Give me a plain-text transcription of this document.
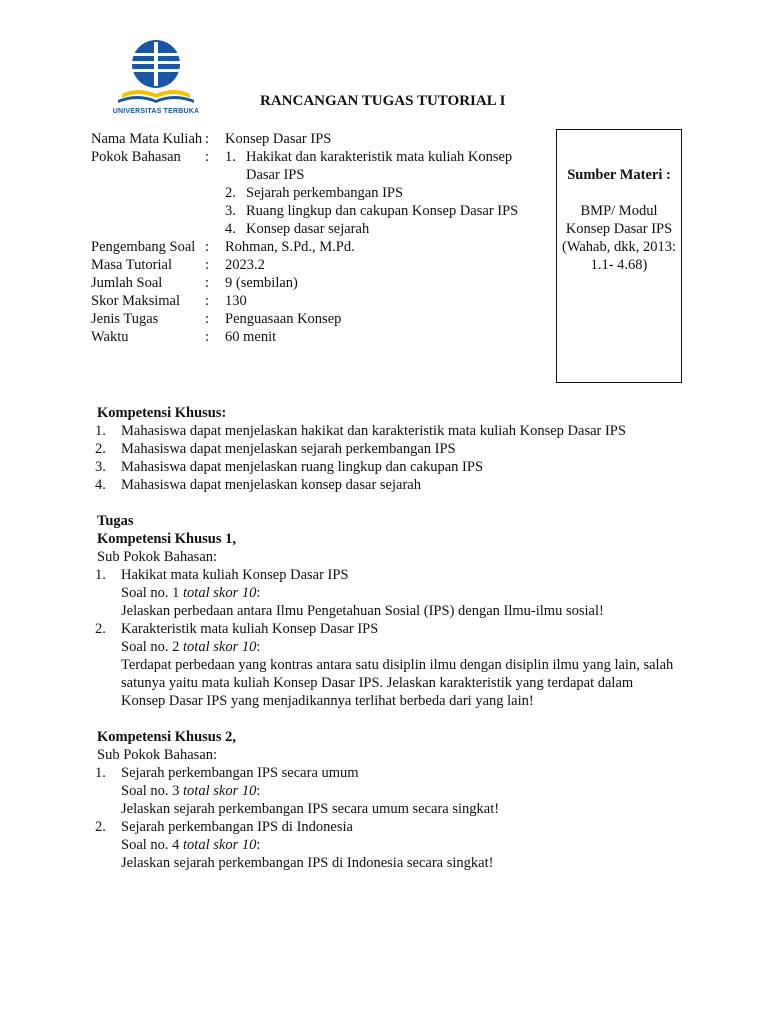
UNIVERSITAS TERBUKA
RANCANGAN TUGAS TUTORIAL I
Nama Mata Kuliah :	Konsep Dasar IPS
Pokok Bahasan	:	1. Hakikat dan karakteristik mata kuliah Konsep Dasar IPS
2. Sejarah perkembangan IPS
3. Ruang lingkup dan cakupan Konsep Dasar IPS
4. Konsep dasar sejarah
Pengembang Soal :	Rohman, S.Pd., M.Pd.
Masa Tutorial	:	2023.2
Jumlah Soal	:	9 (sembilan)
Skor Maksimal	:	130
Jenis Tugas	:	Penguasaan Konsep
Waktu	:	60 menit
Sumber Materi :
BMP/ Modul Konsep Dasar IPS (Wahab, dkk, 2013: 1.1- 4.68)
Kompetensi Khusus:
1.	Mahasiswa dapat menjelaskan hakikat dan karakteristik mata kuliah Konsep Dasar IPS
2.	Mahasiswa dapat menjelaskan sejarah perkembangan IPS
3.	Mahasiswa dapat menjelaskan ruang lingkup dan cakupan IPS
4.	Mahasiswa dapat menjelaskan konsep dasar sejarah
Tugas
Kompetensi Khusus 1,
Sub Pokok Bahasan:
1.	Hakikat mata kuliah Konsep Dasar IPS
Soal no. 1 total skor 10:
Jelaskan perbedaan antara Ilmu Pengetahuan Sosial (IPS) dengan Ilmu-ilmu sosial!
2.	Karakteristik mata kuliah Konsep Dasar IPS
Soal no. 2 total skor 10:
Terdapat perbedaan yang kontras antara satu disiplin ilmu dengan disiplin ilmu yang lain, salah satunya yaitu mata kuliah Konsep Dasar IPS. Jelaskan karakteristik yang terdapat dalam Konsep Dasar IPS yang menjadikannya terlihat berbeda dari yang lain!
Kompetensi Khusus 2,
Sub Pokok Bahasan:
1.	Sejarah perkembangan IPS secara umum
Soal no. 3 total skor 10:
Jelaskan sejarah perkembangan IPS secara umum secara singkat!
2.	Sejarah perkembangan IPS di Indonesia
Soal no. 4 total skor 10:
Jelaskan sejarah perkembangan IPS di Indonesia secara singkat!
